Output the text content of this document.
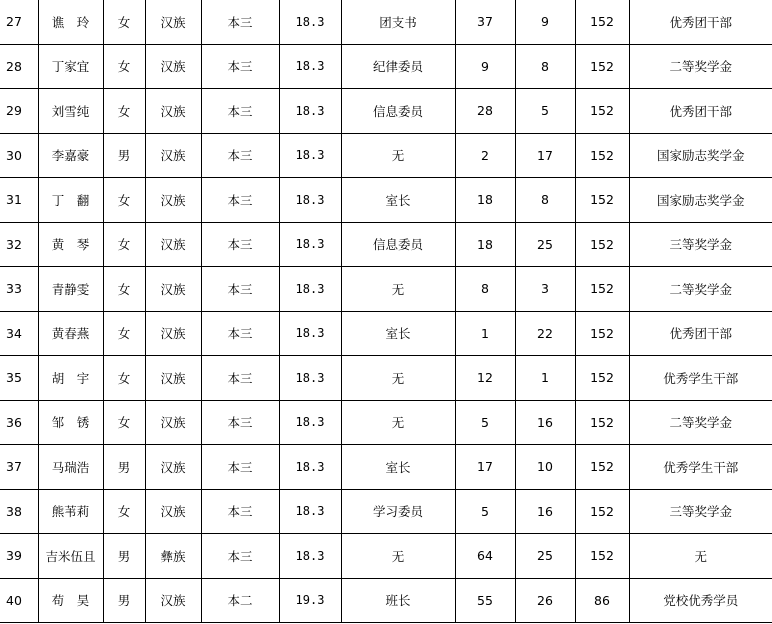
27	谯　玲	女	汉族	本三	18.3	团支书	37	9	152	优秀团干部
28	丁家宜	女	汉族	本三	18.3	纪律委员	9	8	152	二等奖学金
29	刘雪纯	女	汉族	本三	18.3	信息委员	28	5	152	优秀团干部
30	李嘉豪	男	汉族	本三	18.3	无	2	17	152	国家励志奖学金
31	丁　翻	女	汉族	本三	18.3	室长	18	8	152	国家励志奖学金
32	黄　琴	女	汉族	本三	18.3	信息委员	18	25	152	三等奖学金
33	青静雯	女	汉族	本三	18.3	无	8	3	152	二等奖学金
34	黄春燕	女	汉族	本三	18.3	室长	1	22	152	优秀团干部
35	胡　宇	女	汉族	本三	18.3	无	12	1	152	优秀学生干部
36	邹　锈	女	汉族	本三	18.3	无	5	16	152	二等奖学金
37	马瑞浩	男	汉族	本三	18.3	室长	17	10	152	优秀学生干部
38	熊苇莉	女	汉族	本三	18.3	学习委员	5	16	152	三等奖学金
39	吉米伍且	男	彝族	本三	18.3	无	64	25	152	无
40	苟　昊	男	汉族	本二	19.3	班长	55	26	86	党校优秀学员
